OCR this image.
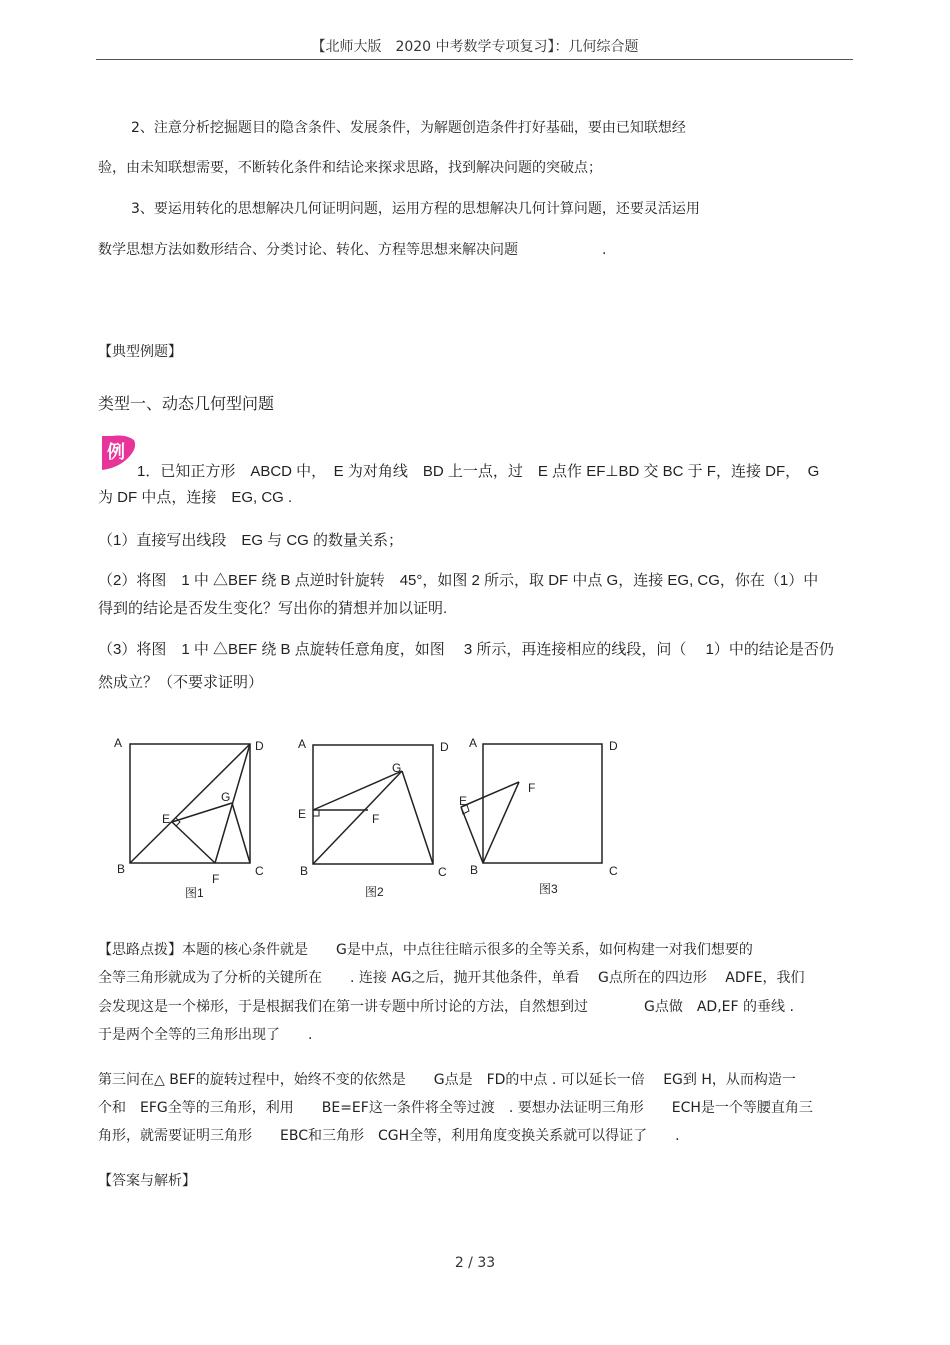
【北师大版　2020 中考数学专项复习】：几何综合题
2、注意分析挖掘题目的隐含条件、发展条件，为解题创造条件打好基础，要由已知联想经
验，由未知联想需要，不断转化条件和结论来探求思路，找到解决问题的突破点；
3、要运用转化的思想解决几何证明问题，运用方程的思想解决几何计算问题，还要灵活运用
数学思想方法如数形结合、分类讨论、转化、方程等思想来解决问题	.
【典型例题】
类型一、动态几何型问题
例
1．已知正方形　ABCD 中，　E 为对角线　BD 上一点，过　E 点作 EF⊥BD 交 BC 于 F，连接 DF，　G
为 DF 中点，连接　EG, CG .
（1）直接写出线段　EG 与 CG 的数量关系；
（2）将图　1 中 △BEF 绕 B 点逆时针旋转　45°，如图 2 所示，取 DF 中点 G，连接 EG, CG，你在（1）中
得到的结论是否发生变化？写出你的猜想并加以证明.
（3）将图　1 中 △BEF 绕 B 点旋转任意角度，如图　 3 所示，再连接相应的线段，问（　 1）中的结论是否仍
然成立？（不要求证明）
A	D
B	C
E
F
G
图1
A	D
E	F
G
B	C
图2
A	D
E
F
B	C
图3
【思路点拨】本题的核心条件就是　　G是中点，中点往往暗示很多的全等关系，如何构建一对我们想要的
全等三角形就成为了分析的关键所在　　. 连接 AG之后，抛开其他条件，单看　 G点所在的四边形　 ADFE，我们
会发现这是一个梯形，于是根据我们在第一讲专题中所讨论的方法，自然想到过　　　　G点做　AD,EF 的垂线 .
于是两个全等的三角形出现了　　.
第三问在△ BEF的旋转过程中，始终不变的依然是　　G点是　FD的中点 . 可以延长一倍　 EG到 H，从而构造一
个和　EFG全等的三角形，利用　　BE=EF这一条件将全等过渡　. 要想办法证明三角形　　ECH是一个等腰直角三
角形，就需要证明三角形　　EBC和三角形　CGH全等，利用角度变换关系就可以得证了　　.
【答案与解析】
2 / 33
